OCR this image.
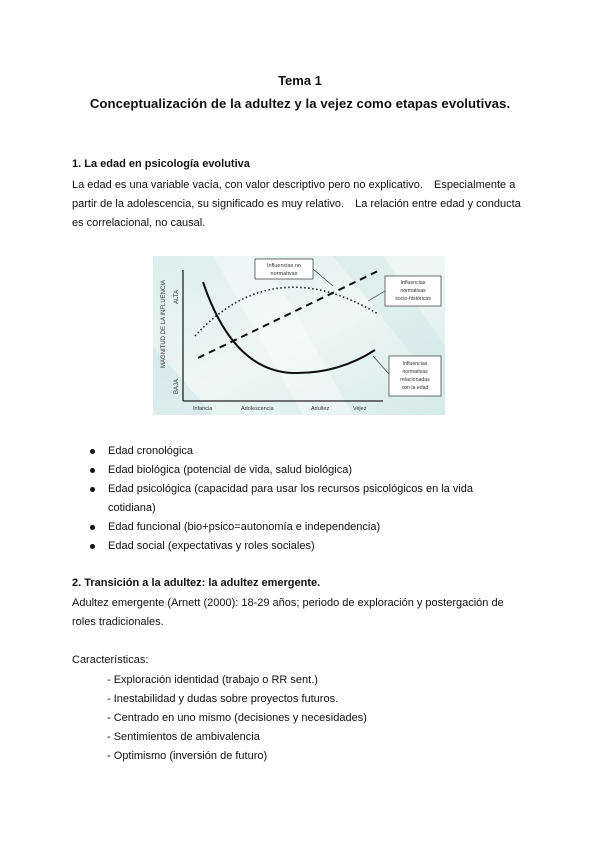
Tema 1
Conceptualización de la adultez y la vejez como etapas evolutivas.
1. La edad en psicología evolutiva
La edad es una variable vacía, con valor descriptivo pero no explicativo. Especialmente a
partir de la adolescencia, su significado es muy relativo. La relación entre edad y conducta
es correlacional, no causal.
MAGNITUD DE LA INFLUENCIA ALTA
BAJA
Infancia	Adolescencia	Adultez	Vejez
Influencias no
normativas
Influencias
normativas
socio-históricas
Influencias
normativas
relacionadas
con la edad
Edad cronológica
Edad biológica (potencial de vida, salud biológica)
Edad psicológica (capacidad para usar los recursos psicológicos en la vida
cotidiana)
Edad funcional (bio+psico=autonomía e independencia)
Edad social (expectativas y roles sociales)
2. Transición a la adultez: la adultez emergente.
Adultez emergente (Arnett (2000): 18-29 años; periodo de exploración y postergación de
roles tradicionales.
Características:
- Exploración identidad (trabajo o RR sent.)
- Inestabilidad y dudas sobre proyectos futuros.
- Centrado en uno mismo (decisiones y necesidades)
- Sentimientos de ambivalencia
- Optimismo (inversión de futuro)
